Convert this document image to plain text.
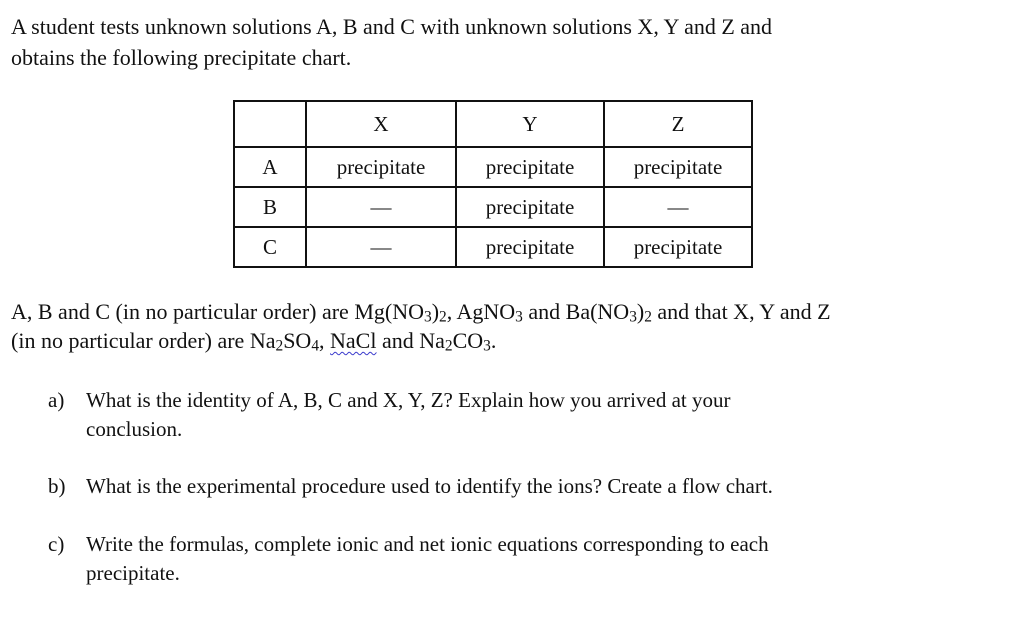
A student tests unknown solutions A, B and C with unknown solutions X, Y and Z and
obtains the following precipitate chart.
	X	Y	Z
A	precipitate	precipitate	precipitate
B	—	precipitate	—
C	—	precipitate	precipitate
A, B and C (in no particular order) are $Mg(NO_3)_2$, AgNO$_3$ and $Ba(NO_3)_2$ and that X, Y and Z
(in no particular order) are $Na_2SO_4$, NaCl and $Na_2CO_3$.
a) What is the identity of A, B, C and X, Y, Z? Explain how you arrived at your
conclusion.
b) What is the experimental procedure used to identify the ions? Create a flow chart.
c) Write the formulas, complete ionic and net ionic equations corresponding to each
precipitate.
